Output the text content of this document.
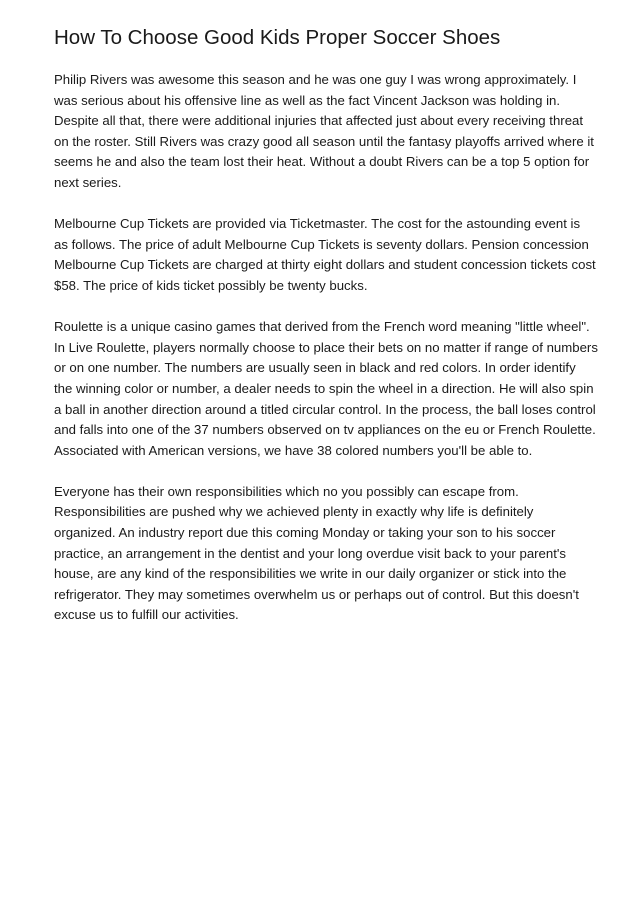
How To Choose Good Kids Proper Soccer Shoes

Philip Rivers was awesome this season and he was one guy I was wrong approximately. I
was serious about his offensive line as well as the fact Vincent Jackson was holding in.
Despite all that, there were additional injuries that affected just about every receiving threat
on the roster. Still Rivers was crazy good all season until the fantasy playoffs arrived where it
seems he and also the team lost their heat. Without a doubt Rivers can be a top 5 option for
next series.

Melbourne Cup Tickets are provided via Ticketmaster. The cost for the astounding event is
as follows. The price of adult Melbourne Cup Tickets is seventy dollars. Pension concession
Melbourne Cup Tickets are charged at thirty eight dollars and student concession tickets cost
$58. The price of kids ticket possibly be twenty bucks.

Roulette is a unique casino games that derived from the French word meaning "little wheel".
In Live Roulette, players normally choose to place their bets on no matter if range of numbers
or on one number. The numbers are usually seen in black and red colors. In order identify
the winning color or number, a dealer needs to spin the wheel in a direction. He will also spin
a ball in another direction around a titled circular control. In the process, the ball loses control
and falls into one of the 37 numbers observed on tv appliances on the eu or French Roulette.
Associated with American versions, we have 38 colored numbers you'll be able to.

Everyone has their own responsibilities which no you possibly can escape from.
Responsibilities are pushed why we achieved plenty in exactly why life is definitely
organized. An industry report due this coming Monday or taking your son to his soccer
practice, an arrangement in the dentist and your long overdue visit back to your parent's
house, are any kind of the responsibilities we write in our daily organizer or stick into the
refrigerator. They may sometimes overwhelm us or perhaps out of control. But this doesn't
excuse us to fulfill our activities.
